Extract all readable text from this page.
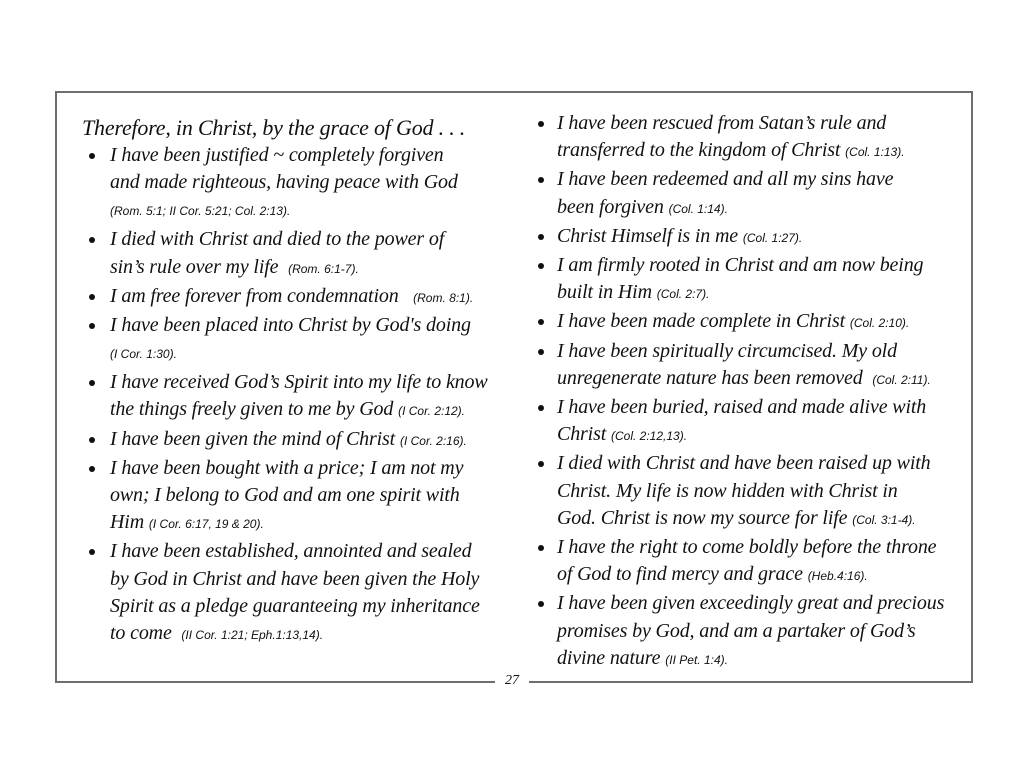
Therefore, in Christ, by the grace of God . . .
I have been justified ~ completely forgiven
and made righteous, having peace with God

(Rom. 5:1; II Cor. 5:21; Col. 2:13).
I died with Christ and died to the power of
sin’s rule over my life (Rom. 6:1-7).
I am free forever from condemnation (Rom. 8:1).
I have been placed into Christ by God's doing

(I Cor. 1:30).
I have received God’s Spirit into my life to know
the things freely given to me by God (I Cor. 2:12).
I have been given the mind of Christ (I Cor. 2:16).
I have been bought with a price; I am not my
own; I belong to God and am one spirit with
Him (I Cor. 6:17, 19 & 20).
I have been established, annointed and sealed
by God in Christ and have been given the Holy
Spirit as a pledge guaranteeing my inheritance
to come (II Cor. 1:21; Eph.1:13,14).
I have been rescued from Satan’s rule and
transferred to the kingdom of Christ (Col. 1:13).
I have been redeemed and all my sins have
been forgiven (Col. 1:14).
Christ Himself is in me (Col. 1:27).
I am firmly rooted in Christ and am now being
built in Him (Col. 2:7).
I have been made complete in Christ (Col. 2:10).
I have been spiritually circumcised. My old
unregenerate nature has been removed (Col. 2:11).
I have been buried, raised and made alive with
Christ (Col. 2:12,13).
I died with Christ and have been raised up with
Christ. My life is now hidden with Christ in
God. Christ is now my source for life (Col. 3:1-4).
I have the right to come boldly before the throne
of God to find mercy and grace (Heb.4:16).
I have been given exceedingly great and precious
promises by God, and am a partaker of God’s
divine nature (II Pet. 1:4).
27
